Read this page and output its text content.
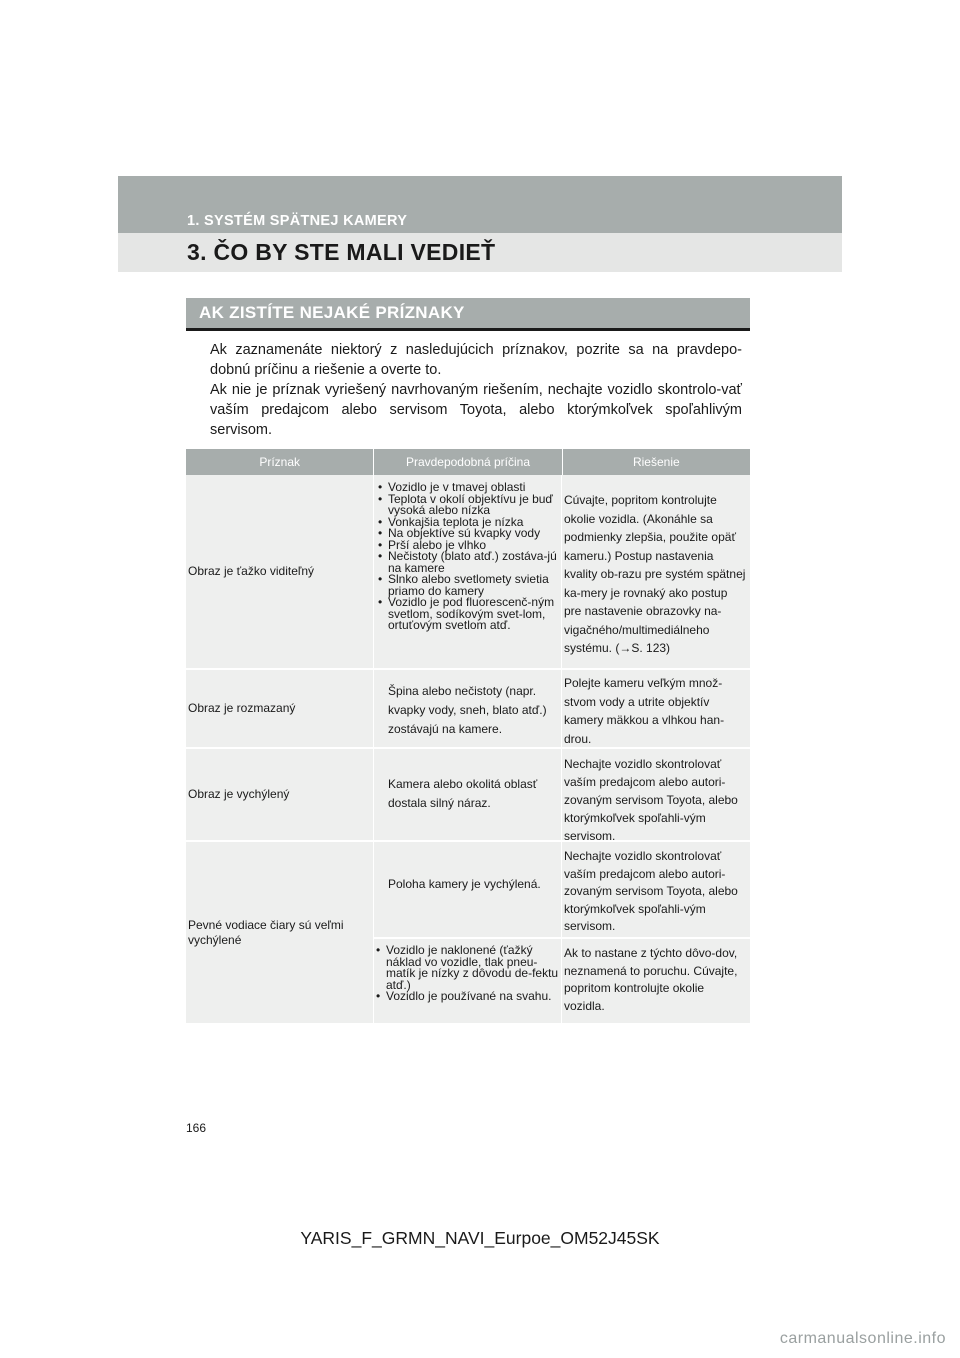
1. SYSTÉM SPÄTNEJ KAMERY
3. ČO BY STE MALI VEDIEŤ
AK ZISTÍTE NEJAKÉ PRÍZNAKY

Ak zaznamenáte niektorý z nasledujúcich príznakov, pozrite sa na pravdepo-dobnú príčinu a riešenie a overte to.

Ak nie je príznak vyriešený navrhovaným riešením, nechajte vozidlo skontrolo-vať vaším predajcom alebo servisom Toyota, alebo ktorýmkoľvek spoľahlivým servisom.

Príznak	Pravdepodobná príčina	Riešenie
Obraz je ťažko viditeľný
• Vozidlo je v tmavej oblasti
• Teplota v okolí objektívu je buď vysoká alebo nízka
• Vonkajšia teplota je nízka
• Na objektíve sú kvapky vody
• Prší alebo je vlhko
• Nečistoty (blato atď.) zostáva-jú na kamere
• Slnko alebo svetlomety svietia priamo do kamery
• Vozidlo je pod fluorescenč-ným svetlom, sodíkovým svet-lom, ortuťovým svetlom atď.
Cúvajte, popritom kontrolujte okolie vozidla. (Akonáhle sa podmienky zlepšia, použite opäť kameru.) Postup nastavenia kvality ob-razu pre systém spätnej ka-mery je rovnaký ako postup pre nastavenie obrazovky na-vigačného/multimediálneho systému. (→S. 123)
Obraz je rozmazaný
Špina alebo nečistoty (napr. kvapky vody, sneh, blato atď.) zostávajú na kamere.
Polejte kameru veľkým množ-stvom vody a utrite objektív kamery mäkkou a vlhkou han-drou.
Obraz je vychýlený
Kamera alebo okolitá oblasť dostala silný náraz.
Nechajte vozidlo skontrolovať vaším predajcom alebo autori-zovaným servisom Toyota, alebo ktorýmkoľvek spoľahli-vým servisom.
Pevné vodiace čiary sú veľmi vychýlené
Poloha kamery je vychýlená.
• Vozidlo je naklonené (ťažký náklad vo vozidle, tlak pneu-matík je nízky z dôvodu de-fektu atď.)
• Vozidlo je používané na svahu.
Nechajte vozidlo skontrolovať vaším predajcom alebo autori-zovaným servisom Toyota, alebo ktorýmkoľvek spoľahli-vým servisom.
Ak to nastane z týchto dôvo-dov, neznamená to poruchu. Cúvajte, popritom kontrolujte okolie vozidla.
166
YARIS_F_GRMN_NAVI_Eurpoe_OM52J45SK
carmanualsonline.info
